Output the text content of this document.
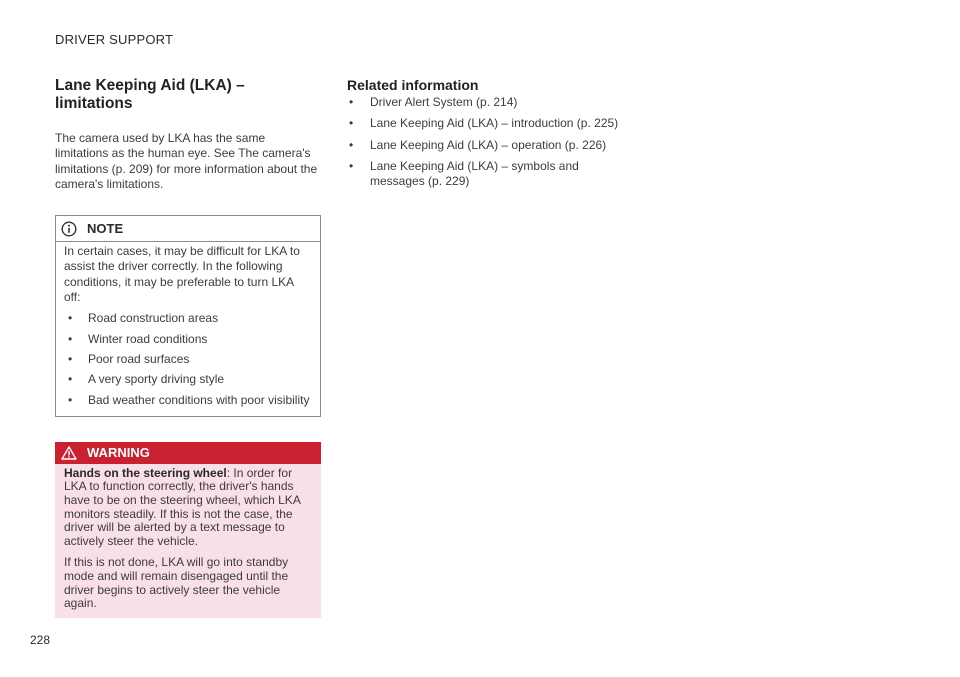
DRIVER SUPPORT
Lane Keeping Aid (LKA) – limitations

The camera used by LKA has the same limitations as the human eye. See The camera's limitations (p. 209) for more information about the camera's limitations.

NOTE

In certain cases, it may be difficult for LKA to assist the driver correctly. In the following conditions, it may be preferable to turn LKA off:

• Road construction areas
• Winter road conditions
• Poor road surfaces
• A very sporty driving style
• Bad weather conditions with poor visibility
WARNING

Hands on the steering wheel: In order for LKA to function correctly, the driver's hands have to be on the steering wheel, which LKA monitors steadily. If this is not the case, the driver will be alerted by a text message to actively steer the vehicle.

If this is not done, LKA will go into standby mode and will remain disengaged until the driver begins to actively steer the vehicle again.

Related information
• Driver Alert System (p. 214)
• Lane Keeping Aid (LKA) – introduction (p. 225)
• Lane Keeping Aid (LKA) – operation (p. 226)
• Lane Keeping Aid (LKA) – symbols and messages (p. 229)
228
